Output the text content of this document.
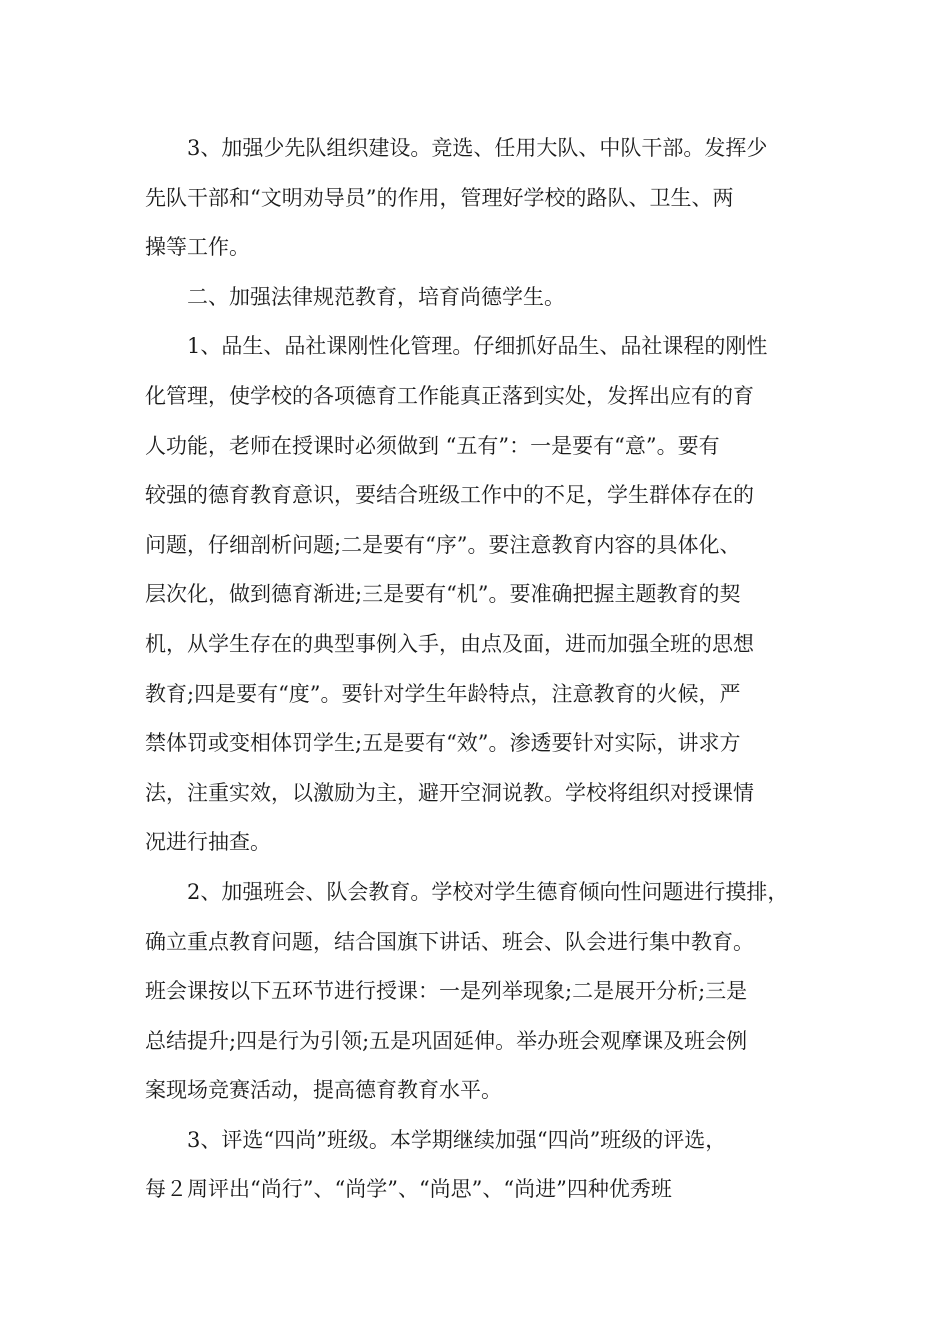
3、加强少先队组织建设。竞选、任用大队、中队干部。发挥少
先队干部和“文明劝导员”的作用，管理好学校的路队、卫生、两
操等工作。
二、加强法律规范教育，培育尚德学生。
1、品生、品社课刚性化管理。仔细抓好品生、品社课程的刚性
化管理，使学校的各项德育工作能真正落到实处，发挥出应有的育
人功能，老师在授课时必须做到 “五有”：一是要有“意”。要有
较强的德育教育意识，要结合班级工作中的不足，学生群体存在的
问题，仔细剖析问题;二是要有“序”。要注意教育内容的具体化、
层次化，做到德育渐进;三是要有“机”。要准确把握主题教育的契
机，从学生存在的典型事例入手，由点及面，进而加强全班的思想
教育;四是要有“度”。要针对学生年龄特点，注意教育的火候，严
禁体罚或变相体罚学生;五是要有“效”。渗透要针对实际，讲求方
法，注重实效，以激励为主，避开空洞说教。学校将组织对授课情
况进行抽查。
2、加强班会、队会教育。学校对学生德育倾向性问题进行摸排，
确立重点教育问题，结合国旗下讲话、班会、队会进行集中教育。
班会课按以下五环节进行授课：一是列举现象;二是展开分析;三是
总结提升;四是行为引领;五是巩固延伸。举办班会观摩课及班会例
案现场竞赛活动，提高德育教育水平。
3、评选“四尚”班级。本学期继续加强“四尚”班级的评选，
每２周评出“尚行”、“尚学”、“尚思”、“尚进”四种优秀班
